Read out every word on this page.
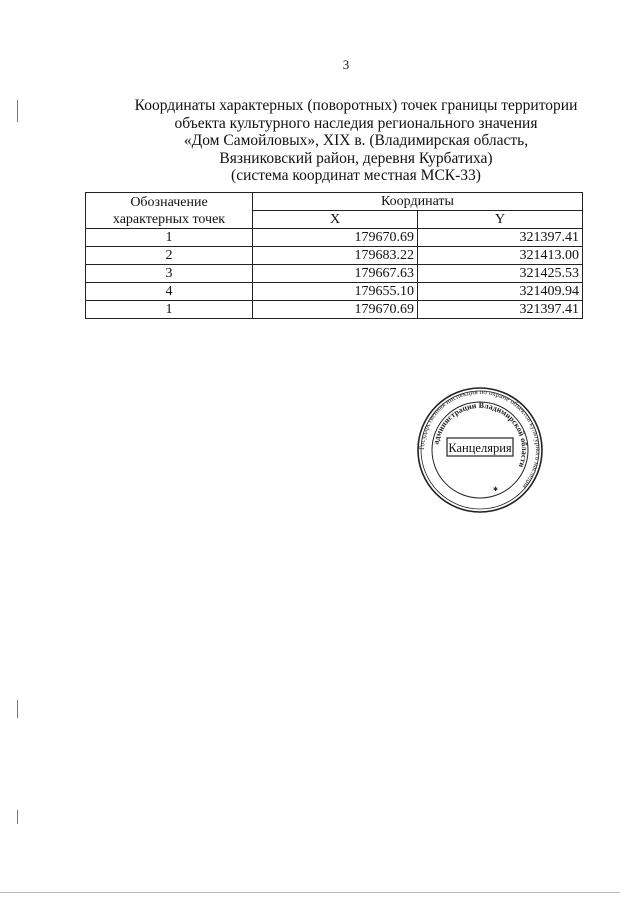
3
Координаты характерных (поворотных) точек границы территории
объекта культурного наследия регионального значения
«Дом Самойловых», XIX в. (Владимирская область,
Вязниковский район, деревня Курбатиха)
(система координат местная МСК-33)
Обозначение
характерных точек	Координаты	
	X	Y
1	179670.69	321397.41
2	179683.22	321413.00
3	179667.63	321425.53
4	179655.10	321409.94
1	179670.69	321397.41
Государственная инспекция по охране объектов культурного наследия
администрации Владимирской области
Канцелярия
✱
